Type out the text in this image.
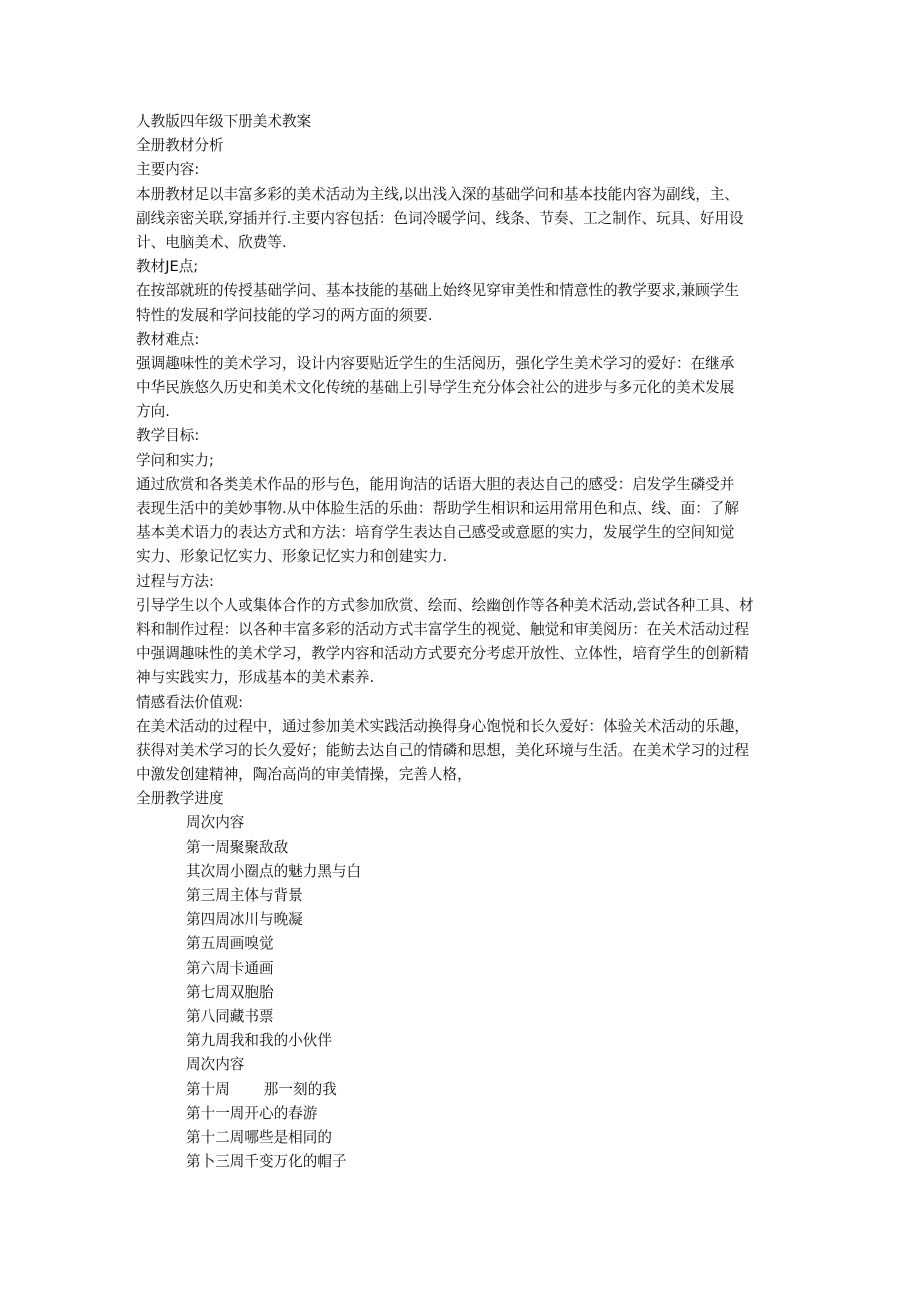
人教版四年级下册美术教案
全册教材分析
主要内容:
本册教材足以丰富多彩的美术活动为主线,以出浅入深的基础学问和基本技能内容为副线，主、
副线亲密关联,穿插并行.主要内容包括：色词冷暖学问、线条、节奏、工之制作、玩具、好用设
计、电脑美术、欣费等.
教材JE点;
在按部就班的传授基础学问、基本技能的基础上始终见穿审美性和情意性的教学要求,兼顾学生
特性的发展和学问技能的学习的两方面的须要.
教材难点:
强调趣味性的美术学习，设计内容要贴近学生的生活阅历，强化学生美术学习的爱好：在继承
中华民族悠久历史和美术文化传统的基础上引导学生充分体会社公的进步与多元化的美术发展
方向.
教学目标:
学问和实力;
通过欣赏和各类美术作品的形与色，能用询洁的话语大胆的表达自己的感受：启发学生磷受并
表现生活中的美妙事物.从中体脸生活的乐曲：帮助学生相识和运用常用色和点、线、面：了解
基本美术语力的表达方式和方法：培育学生表达自己感受或意愿的实力，发展学生的空间知觉
实力、形象记忆实力、形象记忆实力和创建实力.
过程与方法:
引导学生以个人或集体合作的方式参加欣赏、绘而、绘幽创作等各种美术活动,尝试各种工具、材
料和制作过程：以各种丰富多彩的活动方式丰富学生的视觉、触觉和审美阅历：在关术活动过程
中强调趣味性的美术学习，教学内容和活动方式要充分考虑开放性、立体性，培育学生的创新精
神与实践实力，形成基本的美术素养.
情感看法价值观:
在美术活动的过程中，通过参加美术实践活动换得身心饱悦和长久爱好：体验关术活动的乐趣，
获得对美术学习的长久爱好；能鲂去达自己的情磷和思想，美化环境与生活。在美术学习的过程
中激发创建精神，陶冶高尚的审美情操，完善人格，
全册教学进度
周次内容
第一周聚聚敌敌
其次周小圈点的魅力黑与白
第三周主体与背景
第四周冰川与晚凝
第五周画嗅觉
第六周卡通画
第七周双胞胎
第八同藏书票
第九周我和我的小伙伴
周次内容
第十周 那一刻的我
第十一周开心的春游
第十二周哪些是相同的
第卜三周千变万化的帽子
